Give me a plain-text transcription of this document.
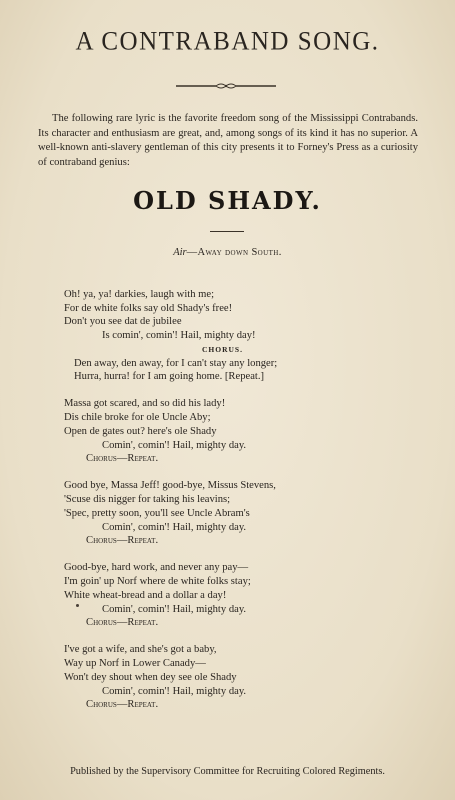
A CONTRABAND SONG.
The following rare lyric is the favorite freedom song of the Mississippi Contrabands. Its character and enthusiasm are great, and, among songs of its kind it has no superior. A well-known anti-slavery gentleman of this city presents it to Forney's Press as a curiosity of contraband genius:
OLD SHADY.
Air—Away down South.
Oh! ya, ya! darkies, laugh with me;
For de white folks say old Shady's free!
Don't you see dat de jubilee
Is comin', comin'! Hail, mighty day!
CHORUS.
Den away, den away, for I can't stay any longer;
Hurra, hurra! for I am going home. [Repeat.]
Massa got scared, and so did his lady!
Dis chile broke for ole Uncle Aby;
Open de gates out? here's ole Shady
Comin', comin'! Hail, mighty day.
Chorus—Repeat.
Good bye, Massa Jeff! good-bye, Missus Stevens,
'Scuse dis nigger for taking his leavins;
'Spec, pretty soon, you'll see Uncle Abram's
Comin', comin'! Hail, mighty day.
Chorus—Repeat.
Good-bye, hard work, and never any pay—
I'm goin' up Norf where de white folks stay;
White wheat-bread and a dollar a day!
Comin', comin'! Hail, mighty day.
Chorus—Repeat.
I've got a wife, and she's got a baby,
Way up Norf in Lower Canady—
Won't dey shout when dey see ole Shady
Comin', comin'! Hail, mighty day.
Chorus—Repeat.
Published by the Supervisory Committee for Recruiting Colored Regiments.
